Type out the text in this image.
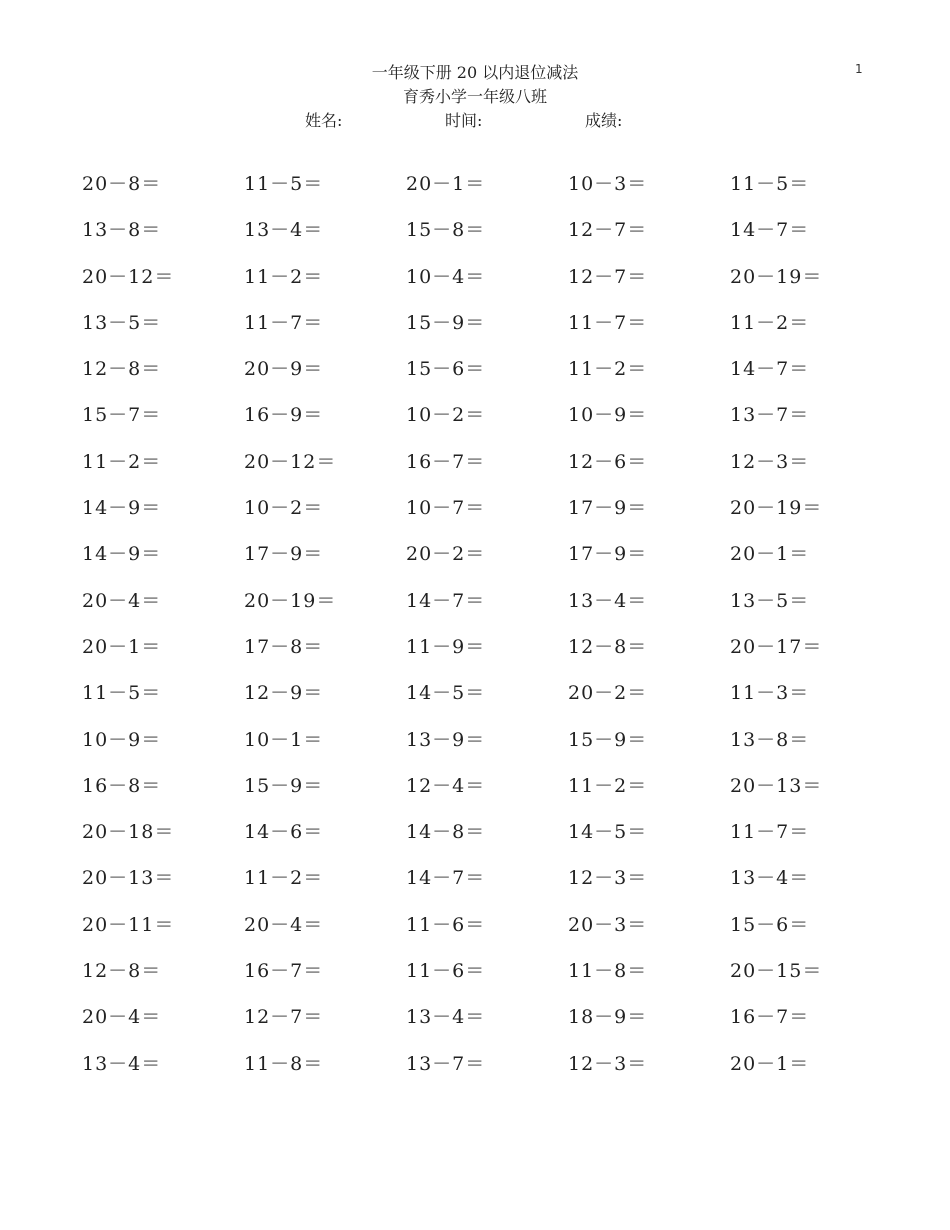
1
一年级下册 20 以内退位减法
育秀小学一年级八班
姓名:	时间:	成绩:
20－8＝	11－5＝	20－1＝	10－3＝	11－5＝
13－8＝	13－4＝	15－8＝	12－7＝	14－7＝
20－12＝	11－2＝	10－4＝	12－7＝	20－19＝
13－5＝	11－7＝	15－9＝	11－7＝	11－2＝
12－8＝	20－9＝	15－6＝	11－2＝	14－7＝
15－7＝	16－9＝	10－2＝	10－9＝	13－7＝
11－2＝	20－12＝	16－7＝	12－6＝	12－3＝
14－9＝	10－2＝	10－7＝	17－9＝	20－19＝
14－9＝	17－9＝	20－2＝	17－9＝	20－1＝
20－4＝	20－19＝	14－7＝	13－4＝	13－5＝
20－1＝	17－8＝	11－9＝	12－8＝	20－17＝
11－5＝	12－9＝	14－5＝	20－2＝	11－3＝
10－9＝	10－1＝	13－9＝	15－9＝	13－8＝
16－8＝	15－9＝	12－4＝	11－2＝	20－13＝
20－18＝	14－6＝	14－8＝	14－5＝	11－7＝
20－13＝	11－2＝	14－7＝	12－3＝	13－4＝
20－11＝	20－4＝	11－6＝	20－3＝	15－6＝
12－8＝	16－7＝	11－6＝	11－8＝	20－15＝
20－4＝	12－7＝	13－4＝	18－9＝	16－7＝
13－4＝	11－8＝	13－7＝	12－3＝	20－1＝
